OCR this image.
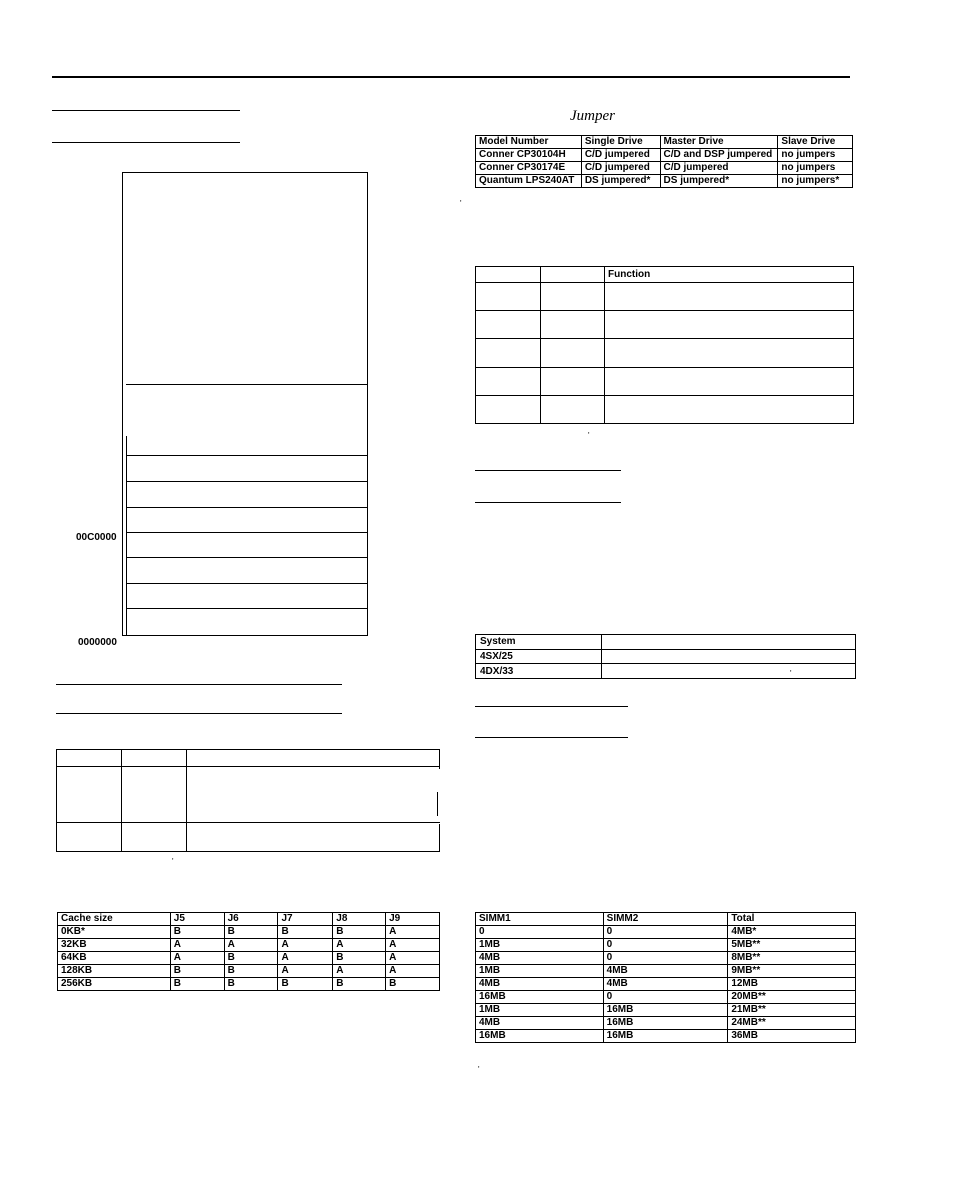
00C0000
0000000
'
Cache size	J5	J6	J7	J8	J9
0KB*	B	B	B	B	A
32KB	A	A	A	A	A
64KB	A	B	A	B	A
128KB	B	B	A	A	A
256KB	B	B	B	B	B
Jumper
Model Number	Single Drive	Master Drive	Slave Drive
Conner CP30104H	C/D jumpered	C/D and DSP jumpered	no jumpers
Conner CP30174E	C/D jumpered	C/D jumpered	no jumpers
Quantum LPS240AT	DS jumpered*	DS jumpered*	no jumpers*
'
Function
'
System
4SX/25
4DX/33	'
SIMM1	SIMM2	Total
0	0	4MB*
1MB	0	5MB**
4MB	0	8MB**
1MB	4MB	9MB**
4MB	4MB	12MB
16MB	0	20MB**
1MB	16MB	21MB**
4MB	16MB	24MB**
16MB	16MB	36MB
'
